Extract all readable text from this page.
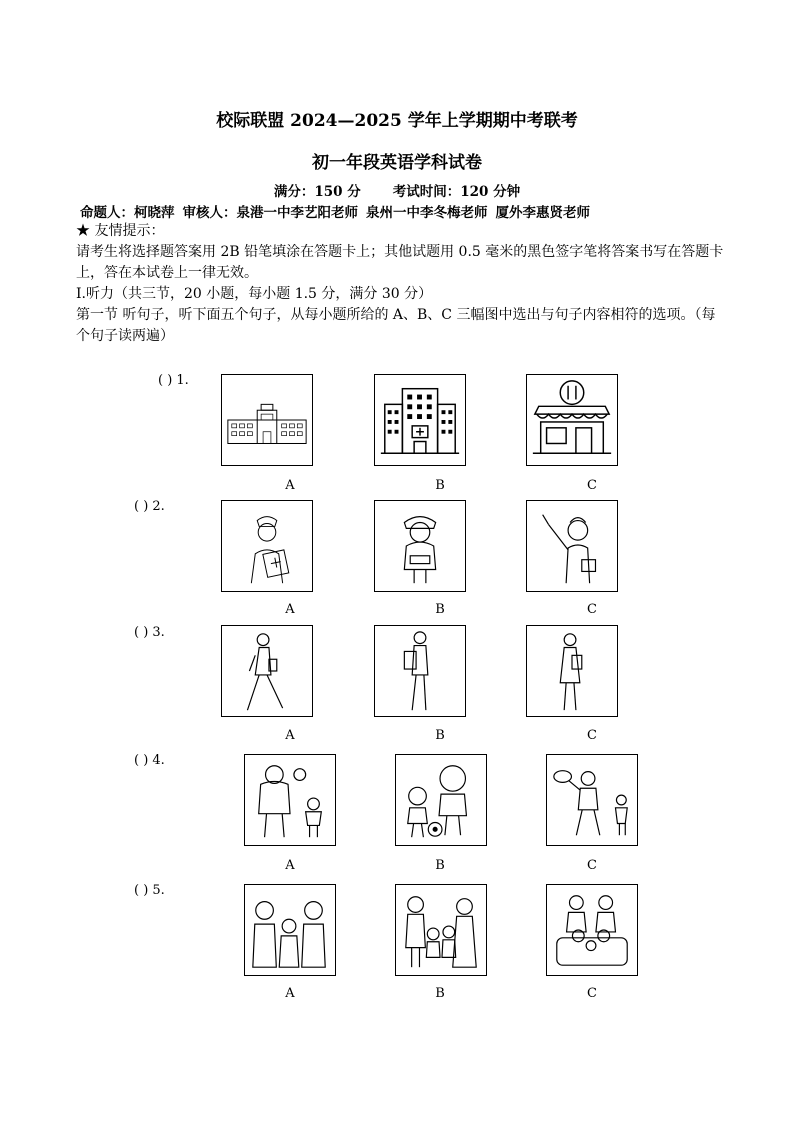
校际联盟 2024—2025 学年上学期期中考联考
初一年段英语学科试卷
满分：150 分 考试时间：120 分钟
命题人：柯晓萍 审核人：泉港一中李艺阳老师 泉州一中李冬梅老师 厦外李惠贤老师
★ 友情提示：
请考生将选择题答案用 2B 铅笔填涂在答题卡上；其他试题用 0.5 毫米的黑色签字笔将答案书写在答题卡上，答在本试卷上一律无效。
I.听力（共三节，20 小题，每小题 1.5 分，满分 30 分）
第一节 听句子，听下面五个句子，从每小题所给的 A、B、C 三幅图中选出与句子内容相符的选项。（每个句子读两遍）
( ) 1.
A	B	C
( ) 2.
A	B	C
( ) 3.
A	B	C
( ) 4.
A	B	C
( ) 5.
A	B	C
